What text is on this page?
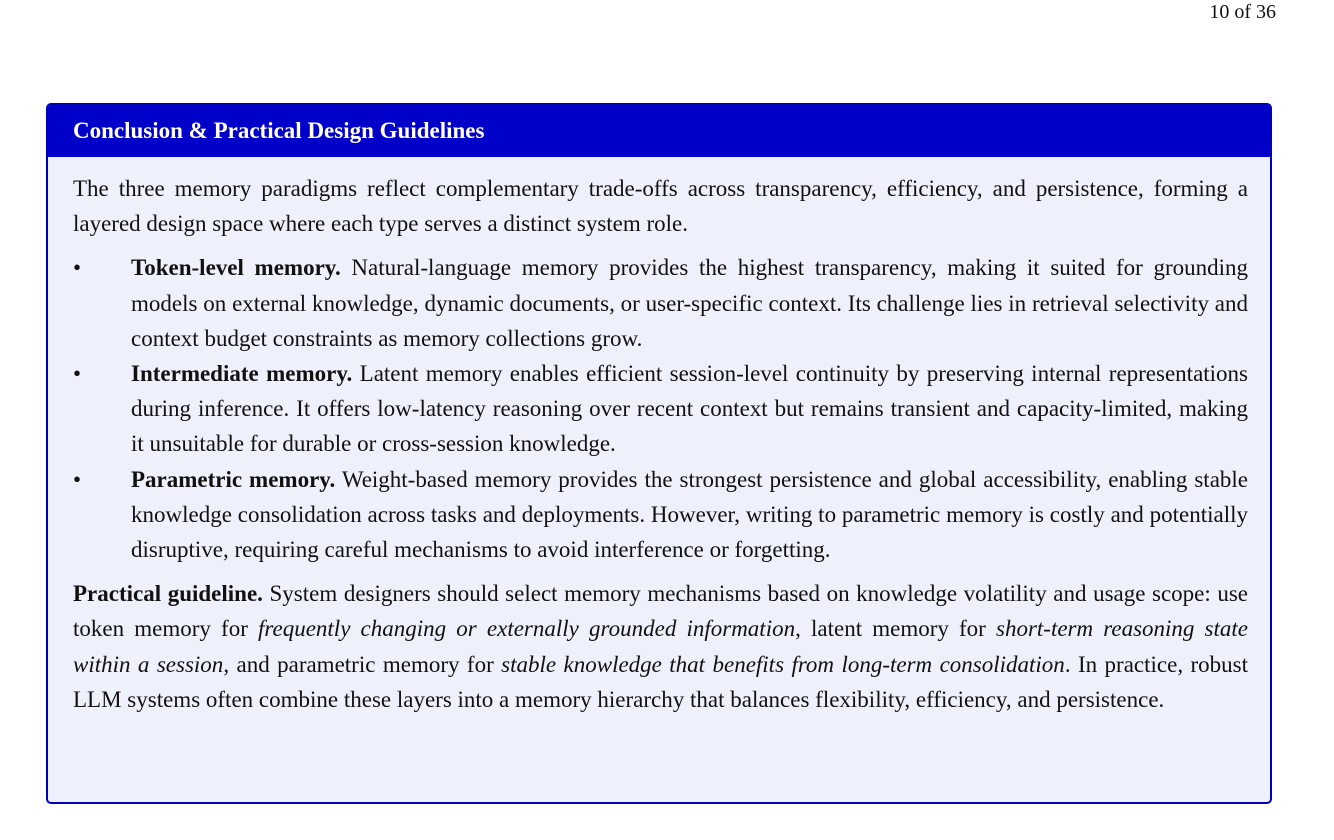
10 of 36
Conclusion & Practical Design Guidelines

The three memory paradigms reflect complementary trade-offs across transparency, efficiency, and persistence, forming a layered design space where each type serves a distinct system role.

•	Token-level memory. Natural-language memory provides the highest transparency, making it suited for grounding models on external knowledge, dynamic documents, or user-specific context. Its challenge lies in retrieval selectivity and context budget constraints as memory collections grow.
•	Intermediate memory. Latent memory enables efficient session-level continuity by preserving internal representations during inference. It offers low-latency reasoning over recent context but remains transient and capacity-limited, making it unsuitable for durable or cross-session knowledge.
•	Parametric memory. Weight-based memory provides the strongest persistence and global accessibility, enabling stable knowledge consolidation across tasks and deployments. However, writing to parametric memory is costly and potentially disruptive, requiring careful mechanisms to avoid interference or forgetting.

Practical guideline. System designers should select memory mechanisms based on knowledge volatility and usage scope: use token memory for frequently changing or externally grounded information, latent memory for short-term reasoning state within a session, and parametric memory for stable knowledge that benefits from long-term consolidation. In practice, robust LLM systems often combine these layers into a memory hierarchy that balances flexibility, efficiency, and persistence.
